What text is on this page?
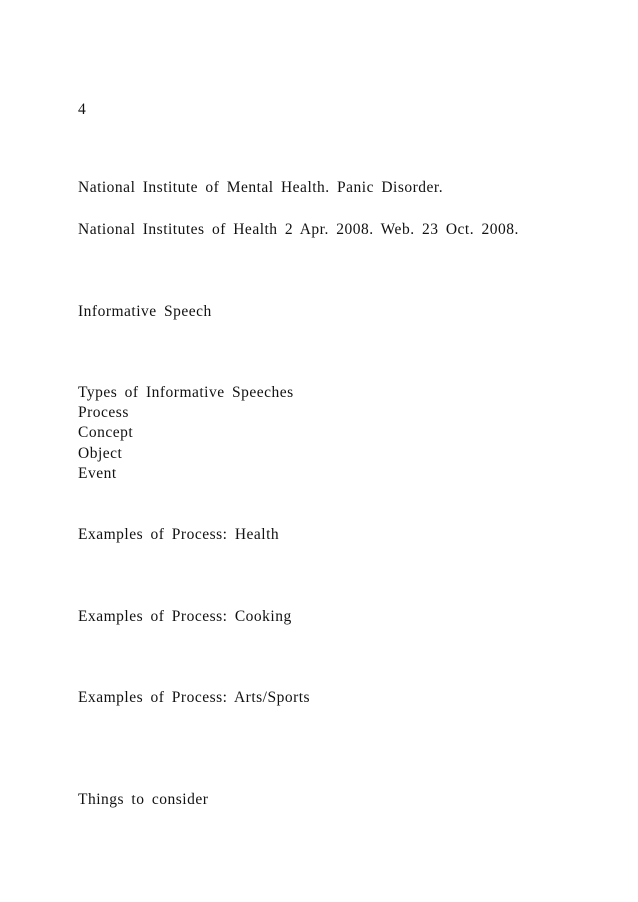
4

National Institute of Mental Health. Panic Disorder.

National Institutes of Health 2 Apr. 2008. Web. 23 Oct. 2008.

Informative Speech

Types of Informative Speeches

Process

Concept

Object

Event

Examples of Process: Health

Examples of Process: Cooking

Examples of Process: Arts/Sports

Things to consider
